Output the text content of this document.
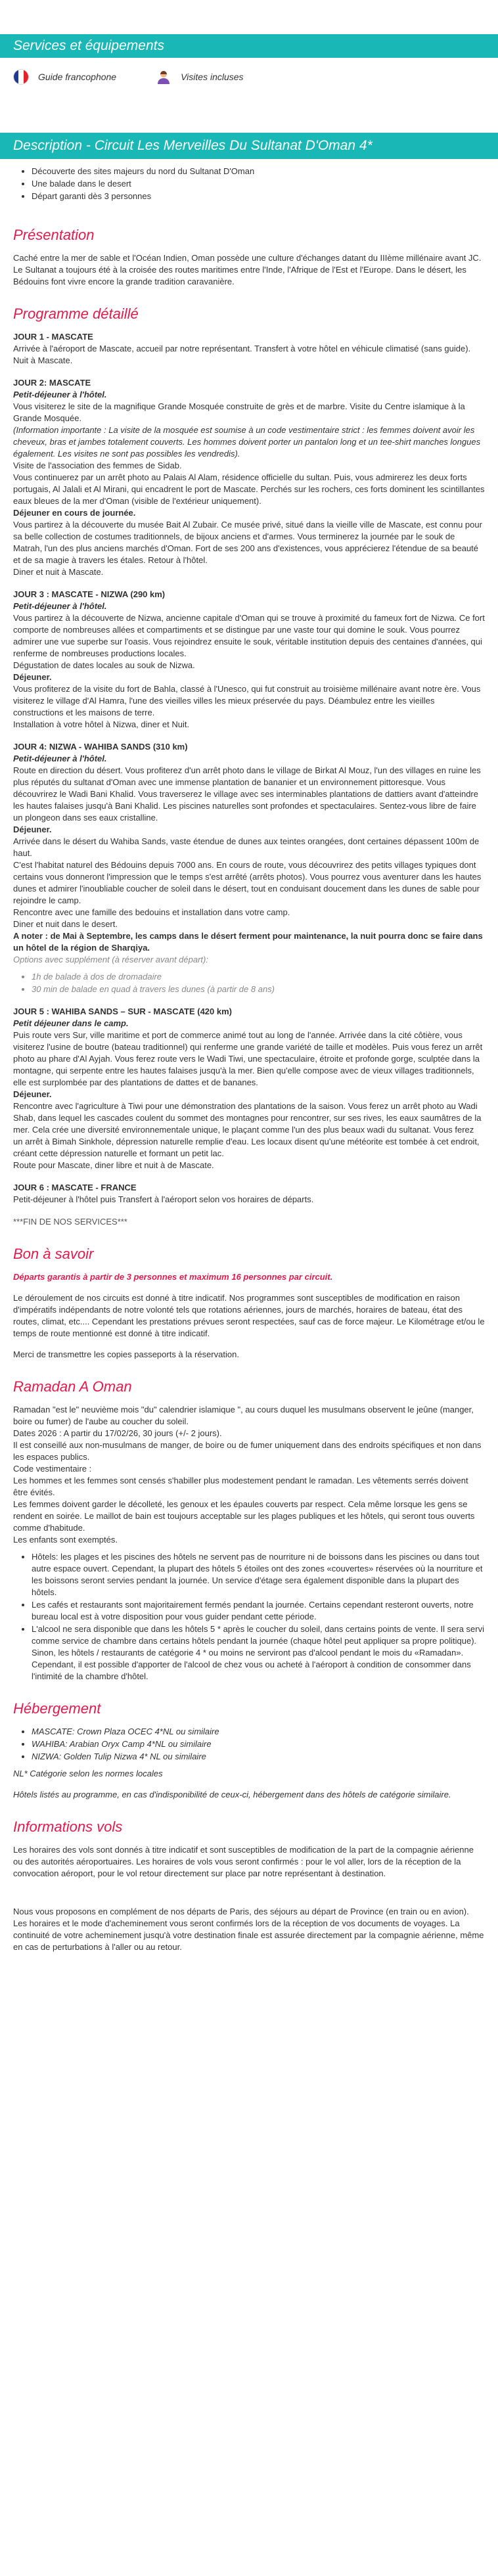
Services et équipements
Guide francophone	Visites incluses
Description - Circuit Les Merveilles Du Sultanat D'Oman 4*
• Découverte des sites majeurs du nord du Sultanat D'Oman
• Une balade dans le desert
• Départ garanti dès 3 personnes
Présentation

Caché entre la mer de sable et l'Océan Indien, Oman possède une culture d'échanges datant du IIIème millénaire avant JC. Le Sultanat a toujours été à la croisée des routes maritimes entre l'Inde, l'Afrique de l'Est et l'Europe. Dans le désert, les Bédouins font vivre encore la grande tradition caravanière.

Programme détaillé

JOUR 1 - MASCATE

Arrivée à l'aéroport de Mascate, accueil par notre représentant. Transfert à votre hôtel en véhicule climatisé (sans guide).

Nuit à Mascate.

JOUR 2: MASCATE

Petit-déjeuner à l'hôtel.

Vous visiterez le site de la magnifique Grande Mosquée construite de grès et de marbre. Visite du Centre islamique à la Grande Mosquée.

(Information importante : La visite de la mosquée est soumise à un code vestimentaire strict : les femmes doivent avoir les cheveux, bras et jambes totalement couverts. Les hommes doivent porter un pantalon long et un tee-shirt manches longues également. Les visites ne sont pas possibles les vendredis).

Visite de l'association des femmes de Sidab.

Vous continuerez par un arrêt photo au Palais Al Alam, résidence officielle du sultan. Puis, vous admirerez les deux forts portugais, Al Jalali et Al Mirani, qui encadrent le port de Mascate. Perchés sur les rochers, ces forts dominent les scintillantes eaux bleues de la mer d'Oman (visible de l'extérieur uniquement).

Déjeuner en cours de journée.

Vous partirez à la découverte du musée Bait Al Zubair. Ce musée privé, situé dans la vieille ville de Mascate, est connu pour sa belle collection de costumes traditionnels, de bijoux anciens et d'armes. Vous terminerez la journée par le souk de Matrah, l'un des plus anciens marchés d'Oman. Fort de ses 200 ans d'existences, vous apprécierez l'étendue de sa beauté et de sa magie à travers les étales. Retour à l'hôtel.

Diner et nuit à Mascate.

JOUR 3 : MASCATE - NIZWA (290 km)

Petit-déjeuner à l'hôtel.

Vous partirez à la découverte de Nizwa, ancienne capitale d'Oman qui se trouve à proximité du fameux fort de Nizwa. Ce fort comporte de nombreuses allées et compartiments et se distingue par une vaste tour qui domine le souk. Vous pourrez admirer une vue superbe sur l'oasis. Vous rejoindrez ensuite le souk, véritable institution depuis des centaines d'années, qui renferme de nombreuses productions locales.

Dégustation de dates locales au souk de Nizwa.

Déjeuner.

Vous profiterez de la visite du fort de Bahla, classé à l'Unesco, qui fut construit au troisième millénaire avant notre ère. Vous visiterez le village d'Al Hamra, l'une des vieilles villes les mieux préservée du pays. Déambulez entre les vieilles constructions et les maisons de terre.

Installation à votre hôtel à Nizwa, diner et Nuit.

JOUR 4: NIZWA - WAHIBA SANDS (310 km)

Petit-déjeuner à l'hôtel.

Route en direction du désert. Vous profiterez d'un arrêt photo dans le village de Birkat Al Mouz, l'un des villages en ruine les plus réputés du sultanat d'Oman avec une immense plantation de bananier et un environnement pittoresque. Vous découvrirez le Wadi Bani Khalid. Vous traverserez le village avec ses interminables plantations de dattiers avant d'atteindre les hautes falaises jusqu'à Bani Khalid. Les piscines naturelles sont profondes et spectaculaires. Sentez-vous libre de faire un plongeon dans ses eaux cristalline.

Déjeuner.

Arrivée dans le désert du Wahiba Sands, vaste étendue de dunes aux teintes orangées, dont certaines dépassent 100m de haut.

C'est l'habitat naturel des Bédouins depuis 7000 ans. En cours de route, vous découvrirez des petits villages typiques dont certains vous donneront l'impression que le temps s'est arrêté (arrêts photos). Vous pourrez vous aventurer dans les hautes dunes et admirer l'inoubliable coucher de soleil dans le désert, tout en conduisant doucement dans les dunes de sable pour rejoindre le camp.

Rencontre avec une famille des bedouins et installation dans votre camp.

Diner et nuit dans le desert.

A noter : de Mai à Septembre, les camps dans le désert ferment pour maintenance, la nuit pourra donc se faire dans un hôtel de la région de Sharqiya.

Options avec supplément (à réserver avant départ):

• 1h de balade à dos de dromadaire
• 30 min de balade en quad à travers les dunes (à partir de 8 ans)

JOUR 5 : WAHIBA SANDS – SUR - MASCATE (420 km)

Petit déjeuner dans le camp.

Puis route vers Sur, ville maritime et port de commerce animé tout au long de l'année. Arrivée dans la cité côtière, vous visiterez l'usine de boutre (bateau traditionnel) qui renferme une grande variété de taille et modèles. Puis vous ferez un arrêt photo au phare d'Al Ayjah. Vous ferez route vers le Wadi Tiwi, une spectaculaire, étroite et profonde gorge, sculptée dans la montagne, qui serpente entre les hautes falaises jusqu'à la mer. Bien qu'elle compose avec de vieux villages traditionnels, elle est surplombée par des plantations de dattes et de bananes.

Déjeuner.

Rencontre avec l'agriculture à Tiwi pour une démonstration des plantations de la saison. Vous ferez un arrêt photo au Wadi Shab, dans lequel les cascades coulent du sommet des montagnes pour rencontrer, sur ses rives, les eaux saumâtres de la mer. Cela crée une diversité environnementale unique, le plaçant comme l'un des plus beaux wadi du sultanat. Vous ferez un arrêt à Bimah Sinkhole, dépression naturelle remplie d'eau. Les locaux disent qu'une météorite est tombée à cet endroit, créant cette dépression naturelle et formant un petit lac.

Route pour Mascate, diner libre et nuit à de Mascate.

JOUR 6 : MASCATE - FRANCE

Petit-déjeuner à l'hôtel puis Transfert à l'aéroport selon vos horaires de départs.

***FIN DE NOS SERVICES***

Bon à savoir

Départs garantis à partir de 3 personnes et maximum 16 personnes par circuit.

Le déroulement de nos circuits est donné à titre indicatif. Nos programmes sont susceptibles de modification en raison d'impératifs indépendants de notre volonté tels que rotations aériennes, jours de marchés, horaires de bateau, état des routes, climat, etc.... Cependant les prestations prévues seront respectées, sauf cas de force majeur. Le Kilométrage et/ou le temps de route mentionné est donné à titre indicatif.

Merci de transmettre les copies passeports à la réservation.

Ramadan A Oman

Ramadan "est le" neuvième mois "du" calendrier islamique ", au cours duquel les musulmans observent le jeûne (manger, boire ou fumer) de l'aube au coucher du soleil.

Dates 2026 : A partir du 17/02/26, 30 jours (+/- 2 jours).

Il est conseillé aux non-musulmans de manger, de boire ou de fumer uniquement dans des endroits spécifiques et non dans les espaces publics.

Code vestimentaire :

Les hommes et les femmes sont censés s'habiller plus modestement pendant le ramadan. Les vêtements serrés doivent être évités.

Les femmes doivent garder le décolleté, les genoux et les épaules couverts par respect. Cela même lorsque les gens se rendent en soirée. Le maillot de bain est toujours acceptable sur les plages publiques et les hôtels, qui seront tous ouverts comme d'habitude.

Les enfants sont exemptés.

• Hôtels: les plages et les piscines des hôtels ne servent pas de nourriture ni de boissons dans les piscines ou dans tout autre espace ouvert. Cependant, la plupart des hôtels 5 étoiles ont des zones «couvertes» réservées où la nourriture et les boissons seront servies pendant la journée. Un service d'étage sera également disponible dans la plupart des hôtels.
• Les cafés et restaurants sont majoritairement fermés pendant la journée. Certains cependant resteront ouverts, notre bureau local est à votre disposition pour vous guider pendant cette période.
• L'alcool ne sera disponible que dans les hôtels 5 * après le coucher du soleil, dans certains points de vente. Il sera servi comme service de chambre dans certains hôtels pendant la journée (chaque hôtel peut appliquer sa propre politique). Sinon, les hôtels / restaurants de catégorie 4 * ou moins ne serviront pas d'alcool pendant le mois du «Ramadan». Cependant, il est possible d'apporter de l'alcool de chez vous ou acheté à l'aéroport à condition de consommer dans l'intimité de la chambre d'hôtel.
Hébergement
• MASCATE: Crown Plaza OCEC 4*NL ou similaire
• WAHIBA: Arabian Oryx Camp 4*NL ou similaire
• NIZWA: Golden Tulip Nizwa 4* NL ou similaire

NL* Catégorie selon les normes locales

Hôtels listés au programme, en cas d'indisponibilité de ceux-ci, hébergement dans des hôtels de catégorie similaire.

Informations vols

Les horaires des vols sont donnés à titre indicatif et sont susceptibles de modification de la part de la compagnie aérienne ou des autorités aéroportuaires. Les horaires de vols vous seront confirmés : pour le vol aller, lors de la réception de la convocation aéroport, pour le vol retour directement sur place par notre représentant à destination.

Nous vous proposons en complément de nos départs de Paris, des séjours au départ de Province (en train ou en avion). Les horaires et le mode d'acheminement vous seront confirmés lors de la réception de vos documents de voyages. La continuité de votre acheminement jusqu'à votre destination finale est assurée directement par la compagnie aérienne, même en cas de perturbations à l'aller ou au retour.
